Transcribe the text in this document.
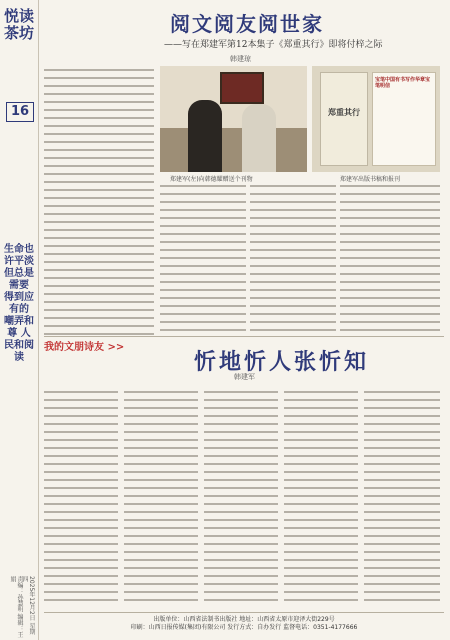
悦读茶坊
16
生命也许平淡 但总是需要 得到应有的 嘲弄和尊 人民和阅读
责编：孙慧明 编辑：王娟	2025年12月2日 星期四
阅文阅友阅世家
——写在郑建军第12本集子《郑重其行》即将付梓之际
韩建琼
郑建军(左)向韩德耀赠送个刊物
郑重其行
宝笔中国有书写作华章宝笔明信
郑建军出版书稿和报刊
我的文朋诗友 >>
忻地忻人张忻知
韩建军
出版单位：山西省法制书出版社 地址：山西省太原市迎泽大街229号
印刷：山西日报传媒(集团)有限公司 发行方式：自办发行 监督电话：0351-4177666
